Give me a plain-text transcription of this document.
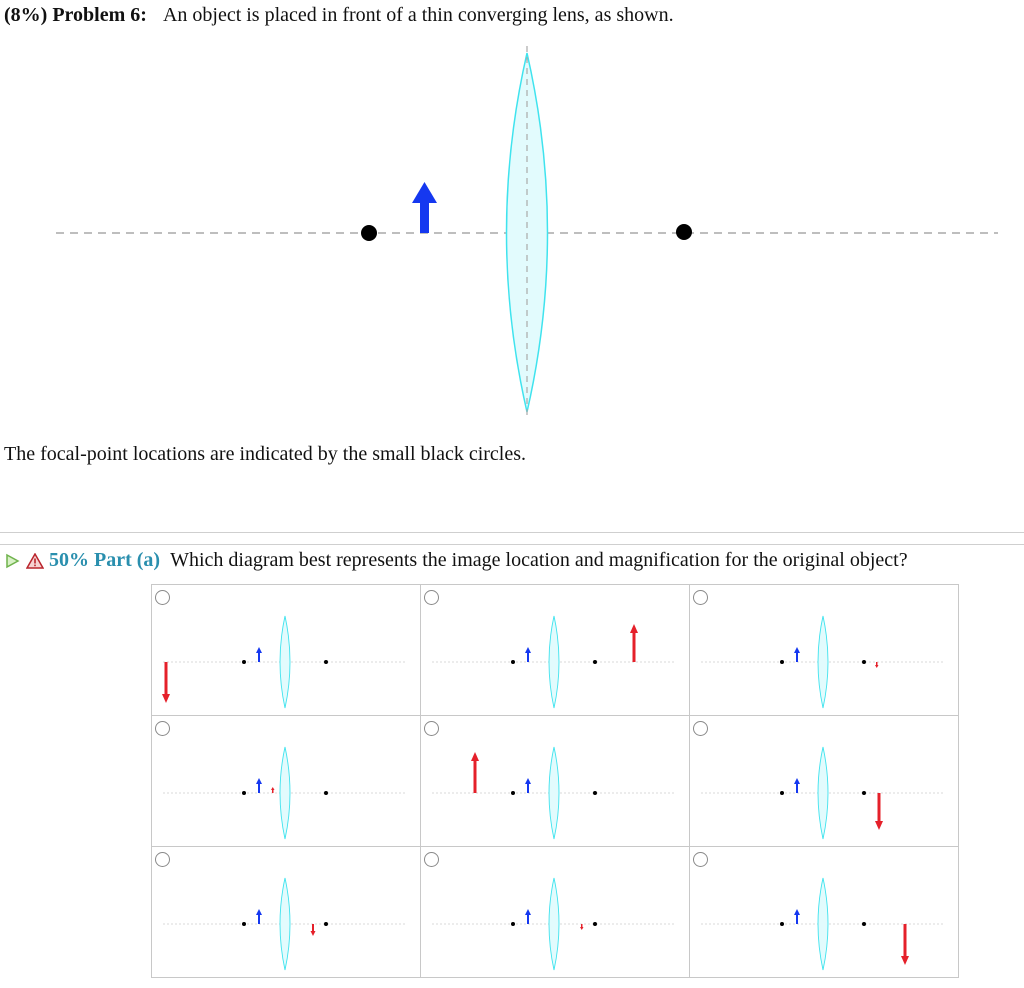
(8%) Problem 6: An object is placed in front of a thin converging lens, as shown.
The focal-point locations are indicated by the small black circles.
50%
Part (a) Which diagram best represents the image location and magnification for the original object?
